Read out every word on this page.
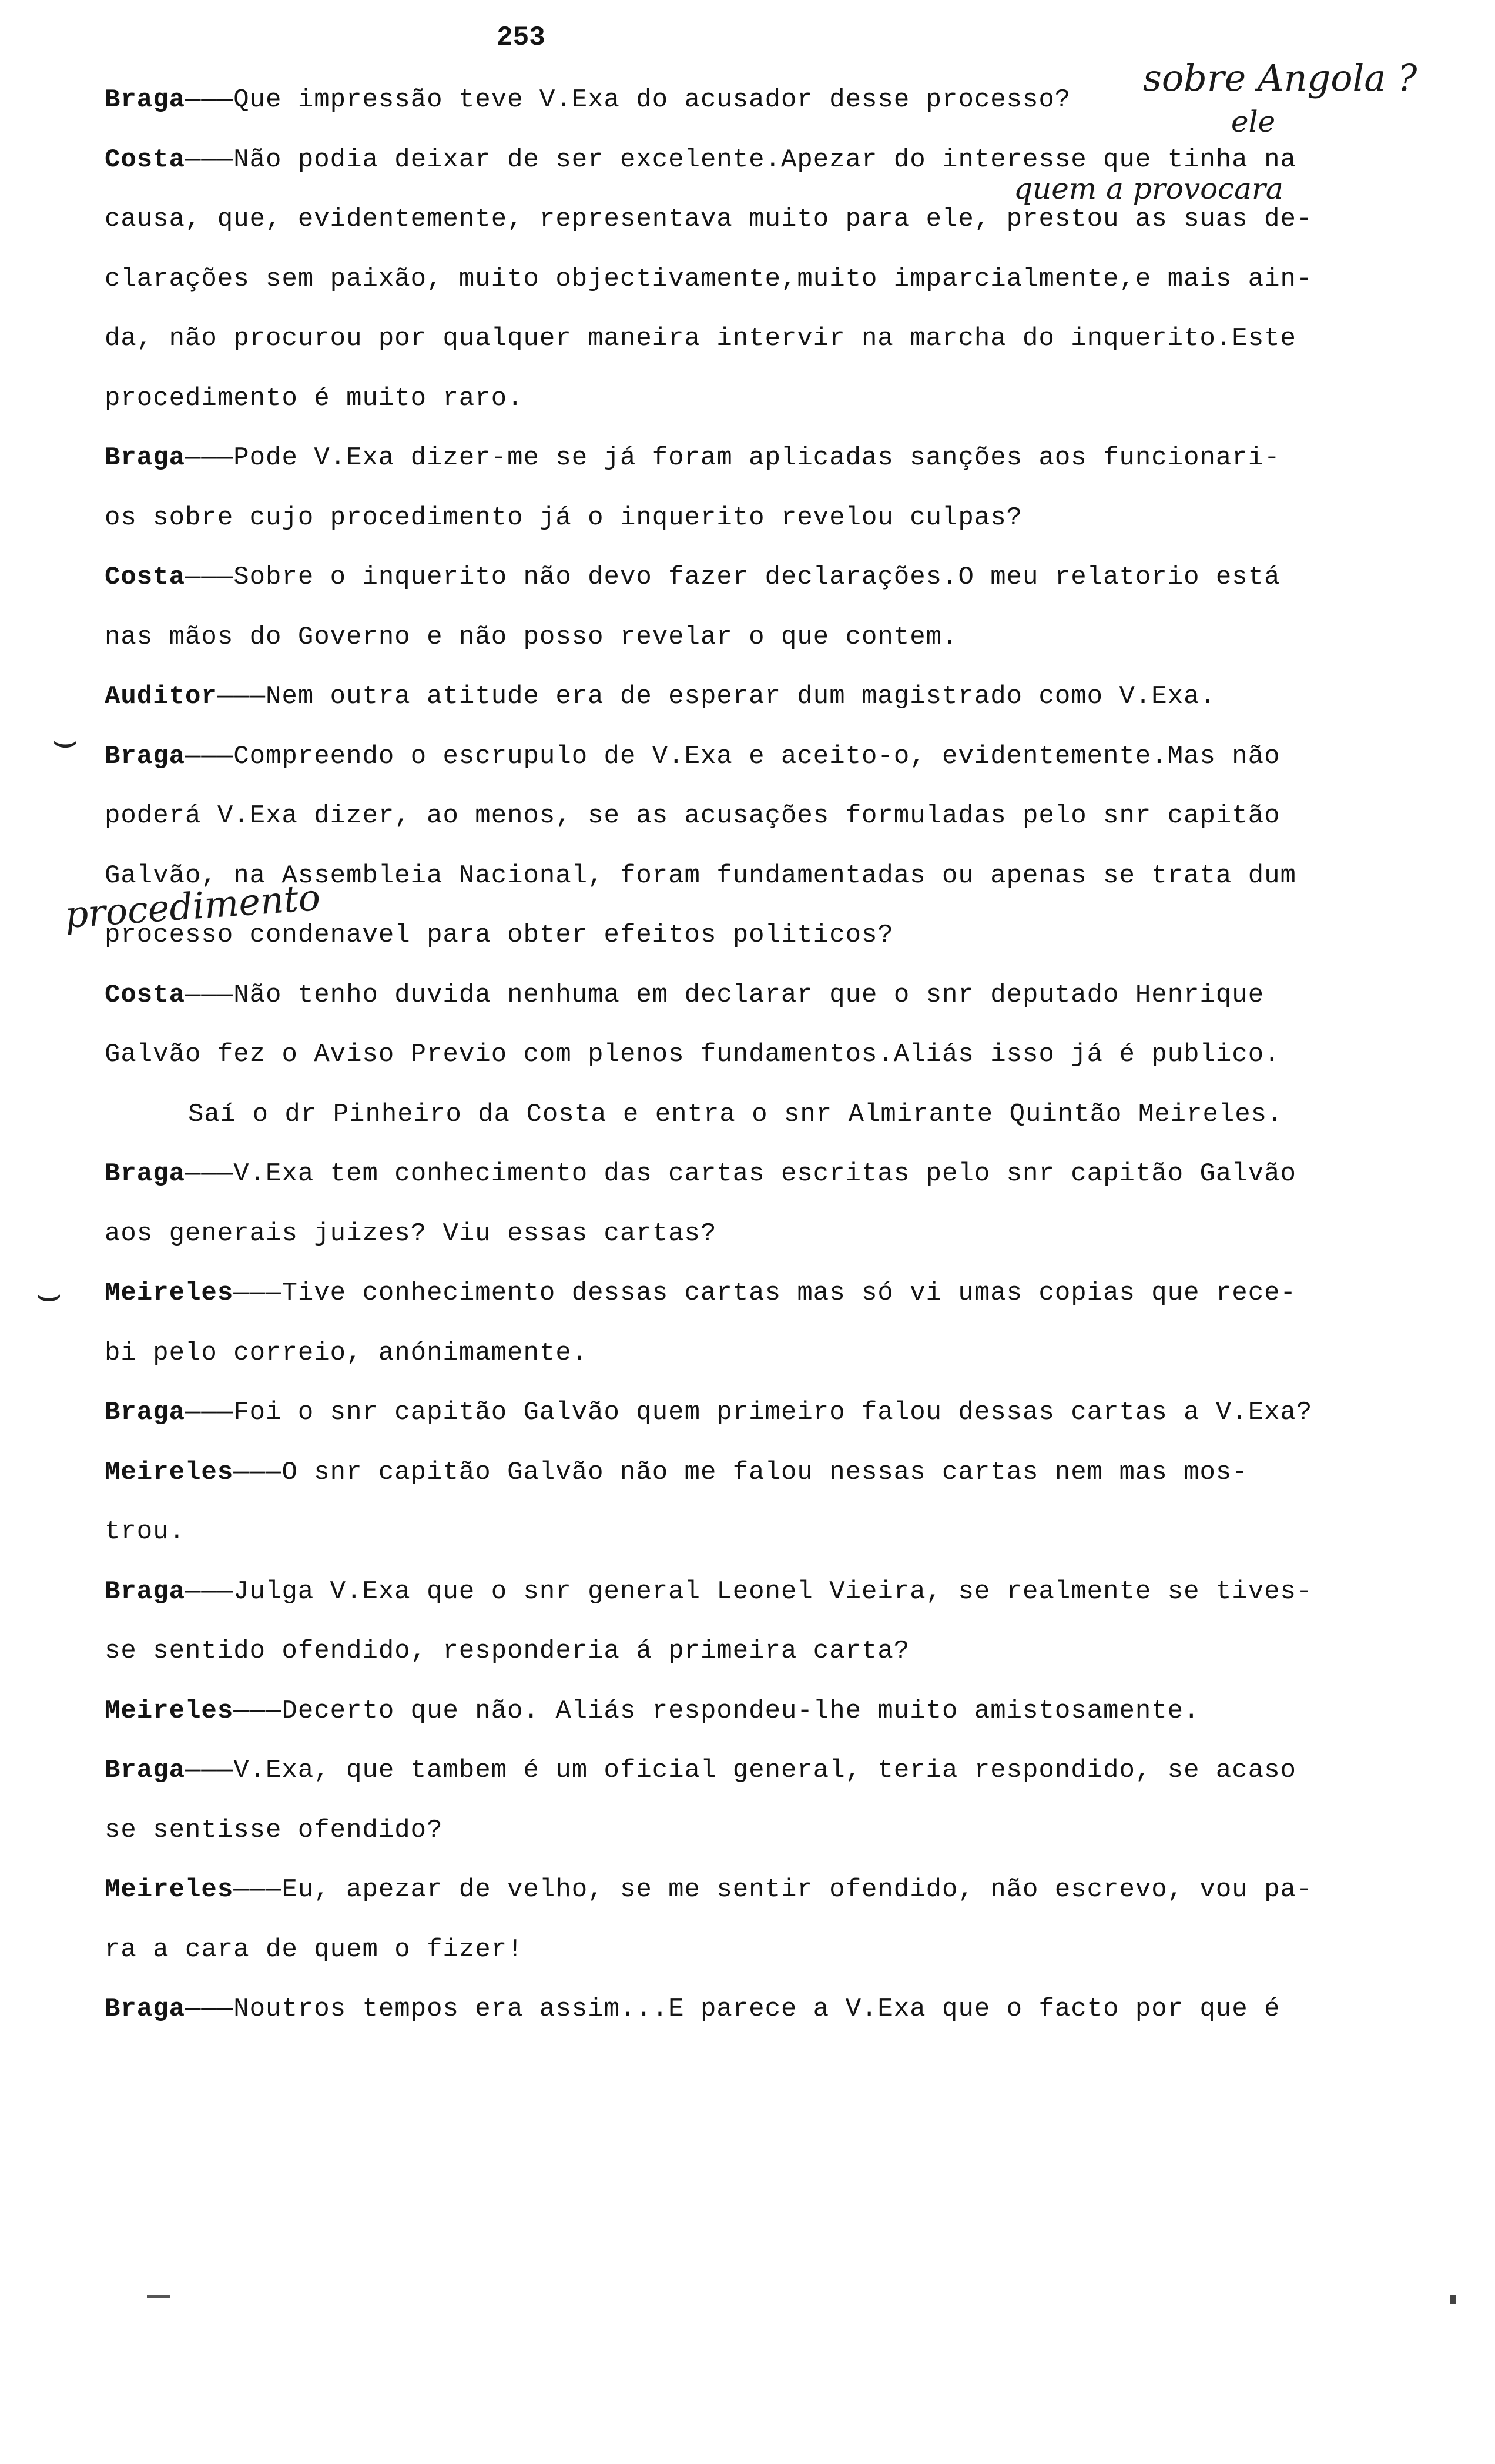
253
Braga———Que impressão teve V.Exa do acusador desse processo?
Costa———Não podia deixar de ser excelente.Apezar do interesse que tinha na
causa, que, evidentemente, representava muito para ele, prestou as suas de-
clarações sem paixão, muito objectivamente,muito imparcialmente,e mais ain-
da, não procurou por qualquer maneira intervir na marcha do inquerito.Este
procedimento é muito raro.
Braga———Pode V.Exa dizer-me se já foram aplicadas sanções aos funcionari-
os sobre cujo procedimento já o inquerito revelou culpas?
Costa———Sobre o inquerito não devo fazer declarações.O meu relatorio está
nas mãos do Governo e não posso revelar o que contem.
Auditor———Nem outra atitude era de esperar dum magistrado como V.Exa.
Braga———Compreendo o escrupulo de V.Exa e aceito-o, evidentemente.Mas não
poderá V.Exa dizer, ao menos, se as acusações formuladas pelo snr capitão
Galvão, na Assembleia Nacional, foram fundamentadas ou apenas se trata dum
processo condenavel para obter efeitos politicos?
Costa———Não tenho duvida nenhuma em declarar que o snr deputado Henrique
Galvão fez o Aviso Previo com plenos fundamentos.Aliás isso já é publico.
Saí o dr Pinheiro da Costa e entra o snr Almirante Quintão Meireles.
Braga———V.Exa tem conhecimento das cartas escritas pelo snr capitão Galvão
aos generais juizes? Viu essas cartas?
Meireles———Tive conhecimento dessas cartas mas só vi umas copias que rece-
bi pelo correio, anónimamente.
Braga———Foi o snr capitão Galvão quem primeiro falou dessas cartas a V.Exa?
Meireles———O snr capitão Galvão não me falou nessas cartas nem mas mos-
trou.
Braga———Julga V.Exa que o snr general Leonel Vieira, se realmente se tives-
se sentido ofendido, responderia á primeira carta?
Meireles———Decerto que não. Aliás respondeu-lhe muito amistosamente.
Braga———V.Exa, que tambem é um oficial general, teria respondido, se acaso
se sentisse ofendido?
Meireles———Eu, apezar de velho, se me sentir ofendido, não escrevo, vou pa-
ra a cara de quem o fizer!
Braga———Noutros tempos era assim...E parece a V.Exa que o facto por que é
sobre Angola ?
ele
quem a provocara
procedimento
⌣
⌣
